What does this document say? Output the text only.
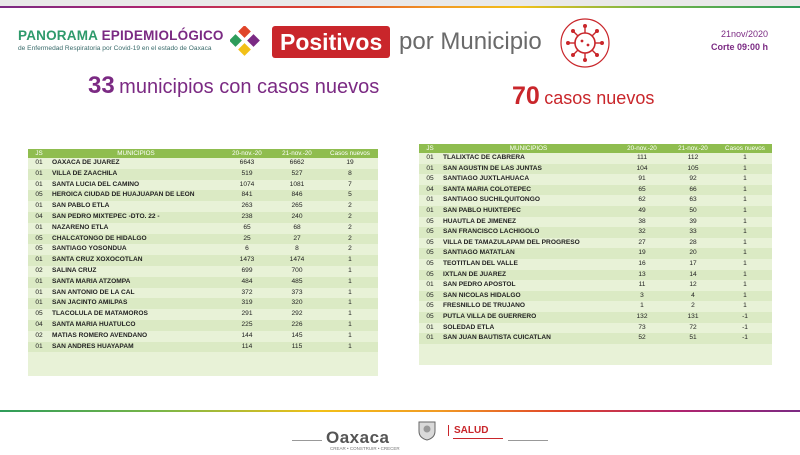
PANORAMA EPIDEMIOLÓGICO
de Enfermedad Respiratoria por Covid-19 en el estado de Oaxaca	Positivos por Municipio	21nov/2020
Corte 09:00 h
33 municipios con casos nuevos	70 casos nuevos
JS	MUNICIPIOS	20-nov.-20	21-nov.-20	Casos nuevos
01	OAXACA DE JUAREZ	6643	6662	19
01	VILLA DE ZAACHILA	519	527	8
01	SANTA LUCIA DEL CAMINO	1074	1081	7
05	HEROICA CIUDAD DE HUAJUAPAN DE LEON	841	846	5
01	SAN PABLO ETLA	263	265	2
04	SAN PEDRO MIXTEPEC -DTO. 22 -	238	240	2
01	NAZARENO ETLA	65	68	2
05	CHALCATONGO DE HIDALGO	25	27	2
05	SANTIAGO YOSONDUA	6	8	2
01	SANTA CRUZ XOXOCOTLAN	1473	1474	1
02	SALINA CRUZ	699	700	1
01	SANTA MARIA ATZOMPA	484	485	1
01	SAN ANTONIO DE LA CAL	372	373	1
01	SAN JACINTO AMILPAS	319	320	1
05	TLACOLULA DE MATAMOROS	291	292	1
04	SANTA MARIA HUATULCO	225	226	1
02	MATIAS ROMERO AVENDANO	144	145	1
01	SAN ANDRES HUAYAPAM	114	115	1
JS	MUNICIPIOS	20-nov.-20	21-nov.-20	Casos nuevos
01	TLALIXTAC DE CABRERA	111	112	1
01	SAN AGUSTIN DE LAS JUNTAS	104	105	1
05	SANTIAGO JUXTLAHUACA	91	92	1
04	SANTA MARIA COLOTEPEC	65	66	1
01	SANTIAGO SUCHILQUITONGO	62	63	1
01	SAN PABLO HUIXTEPEC	49	50	1
05	HUAUTLA DE JIMENEZ	38	39	1
05	SAN FRANCISCO LACHIGOLO	32	33	1
05	VILLA DE TAMAZULAPAM DEL PROGRESO	27	28	1
05	SANTIAGO MATATLAN	19	20	1
05	TEOTITLAN DEL VALLE	16	17	1
05	IXTLAN DE JUAREZ	13	14	1
01	SAN PEDRO APOSTOL	11	12	1
05	SAN NICOLAS HIDALGO	3	4	1
05	FRESNILLO DE TRUJANO	1	2	1
05	PUTLA VILLA DE GUERRERO	132	131	-1
01	SOLEDAD ETLA	73	72	-1
01	SAN JUAN BAUTISTA CUICATLAN	52	51	-1
Oaxaca
CREAR • CONSTRUIR • CRECER
SALUD
